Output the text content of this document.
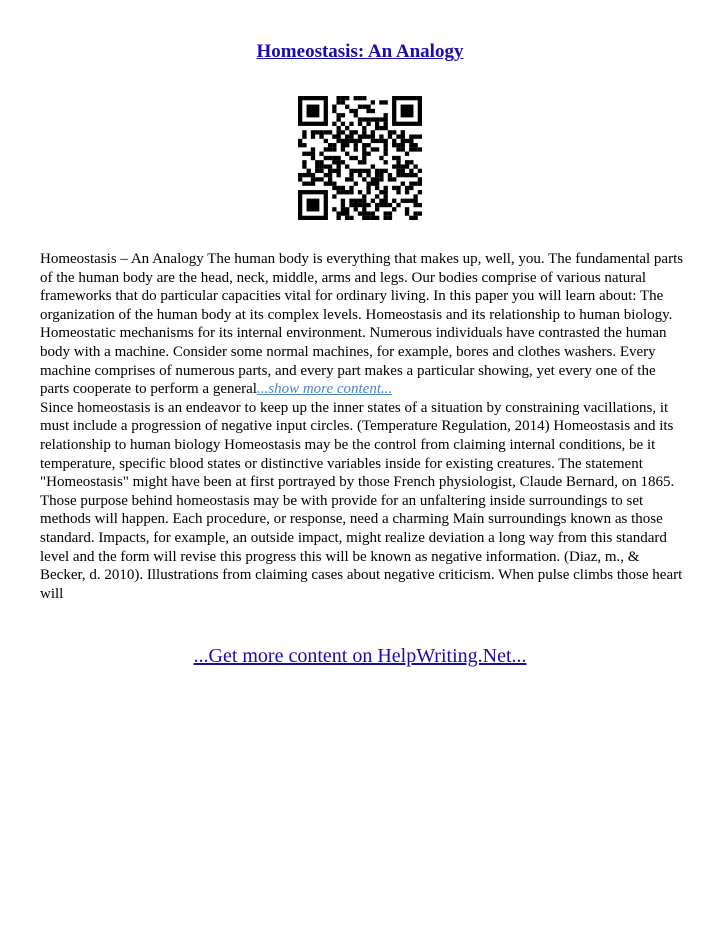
Homeostasis: An Analogy

Homeostasis – An Analogy The human body is everything that makes up, well, you. The fundamental parts of the human body are the head, neck, middle, arms and legs. Our bodies comprise of various natural frameworks that do particular capacities vital for ordinary living. In this paper you will learn about: The organization of the human body at its complex levels. Homeostasis and its relationship to human biology. Homeostatic mechanisms for its internal environment. Numerous individuals have contrasted the human body with a machine. Consider some normal machines, for example, bores and clothes washers. Every machine comprises of numerous parts, and every part makes a particular showing, yet every one of the parts cooperate to perform a general...show more content...

Since homeostasis is an endeavor to keep up the inner states of a situation by constraining vacillations, it must include a progression of negative input circles. (Temperature Regulation, 2014) Homeostasis and its relationship to human biology Homeostasis may be the control from claiming internal conditions, be it temperature, specific blood states or distinctive variables inside for existing creatures. The statement "Homeostasis" might have been at first portrayed by those French physiologist, Claude Bernard, on 1865. Those purpose behind homeostasis may be with provide for an unfaltering inside surroundings to set methods will happen. Each procedure, or response, need a charming Main surroundings known as those standard. Impacts, for example, an outside impact, might realize deviation a long way from this standard level and the form will revise this progress this will be known as negative information. (Diaz, m., & Becker, d. 2010). Illustrations from claiming cases about negative criticism. When pulse climbs those heart will

...Get more content on HelpWriting.Net...
